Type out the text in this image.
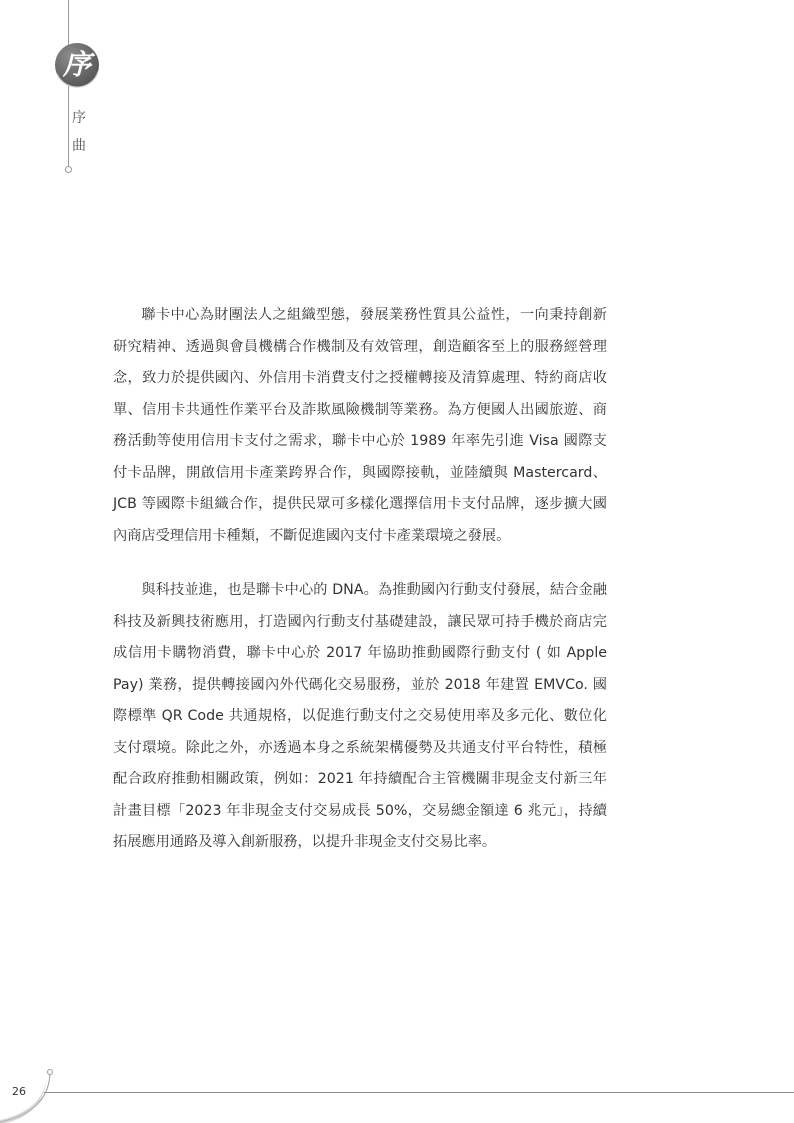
序
序
曲

聯卡中心為財團法人之組織型態，發展業務性質具公益性，一向秉持創新研究精神、透過與會員機構合作機制及有效管理，創造顧客至上的服務經營理念，致力於提供國內、外信用卡消費支付之授權轉接及清算處理、特約商店收單、信用卡共通性作業平台及詐欺風險機制等業務。為方便國人出國旅遊、商務活動等使用信用卡支付之需求，聯卡中心於 1989 年率先引進 Visa 國際支付卡品牌，開啟信用卡產業跨界合作，與國際接軌，並陸續與 Mastercard、JCB 等國際卡組織合作，提供民眾可多樣化選擇信用卡支付品牌，逐步擴大國內商店受理信用卡種類，不斷促進國內支付卡產業環境之發展。

與科技並進，也是聯卡中心的 DNA。為推動國內行動支付發展，結合金融科技及新興技術應用，打造國內行動支付基礎建設，讓民眾可持手機於商店完成信用卡購物消費，聯卡中心於 2017 年協助推動國際行動支付 ( 如 Apple Pay) 業務，提供轉接國內外代碼化交易服務，並於 2018 年建置 EMVCo. 國際標準 QR Code 共通規格，以促進行動支付之交易使用率及多元化、數位化支付環境。除此之外，亦透過本身之系統架構優勢及共通支付平台特性，積極配合政府推動相關政策，例如：2021 年持續配合主管機關非現金支付新三年計畫目標「2023 年非現金支付交易成長 50%，交易總金額達 6 兆元」，持續拓展應用通路及導入創新服務，以提升非現金支付交易比率。

26
